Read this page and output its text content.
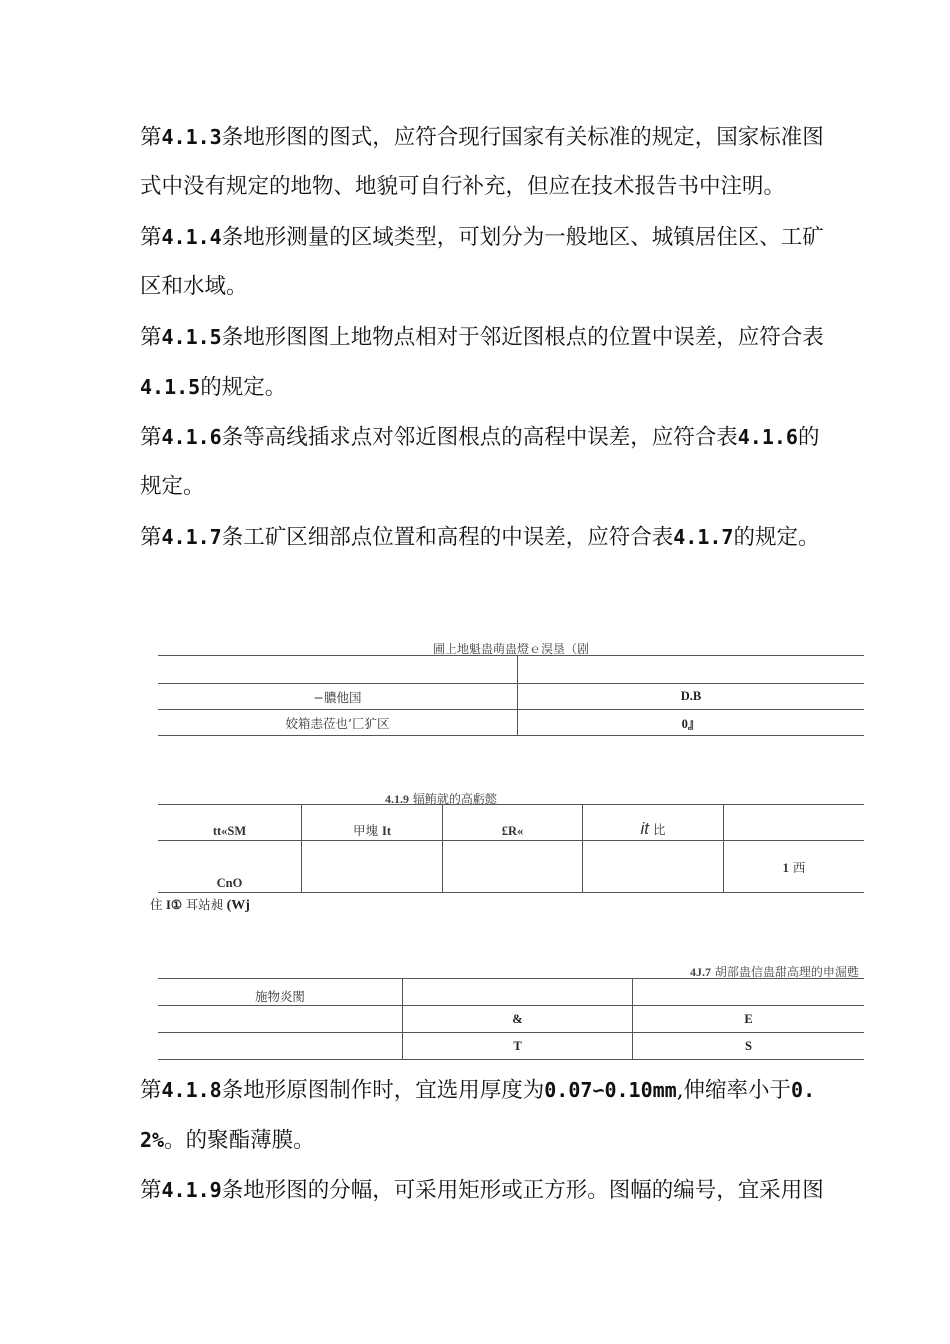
第4.1.3条地形图的图式，应符合现行国家有关标准的规定，国家标准图
式中没有规定的地物、地貌可自行补充，但应在技术报告书中注明。
第4.1.4条地形测量的区域类型，可划分为一般地区、城镇居住区、工矿
区和水域。
第4.1.5条地形图图上地物点相对于邻近图根点的位置中误差，应符合表
4.1.5的规定。
第4.1.6条等高线插求点对邻近图根点的高程中误差，应符合表4.1.6的
规定。
第4.1.7条工矿区细部点位置和高程的中误差，应符合表4.1.7的规定。
圃上地魁蛊萌蛊燈ｅ淏垦（剧

−膿他国	D.B
姣箱恚莅也’匚犷区	0』
4.1.9 辐鲔就的高虧懿
tt«SM	甲塊 It	£R«	it 比	
CnO				1 西
住 I① 耳站昶 (Wj
4J.7 胡部蛊信蛊甜高理的申淈甦
施物炎閡		
	&	E
	T	S
第4.1.8条地形原图制作时，宜选用厚度为0.07∽0.10mm,伸缩率小于0.
2%。的聚酯薄膜。
第4.1.9条地形图的分幅，可采用矩形或正方形。图幅的编号，宜采用图
